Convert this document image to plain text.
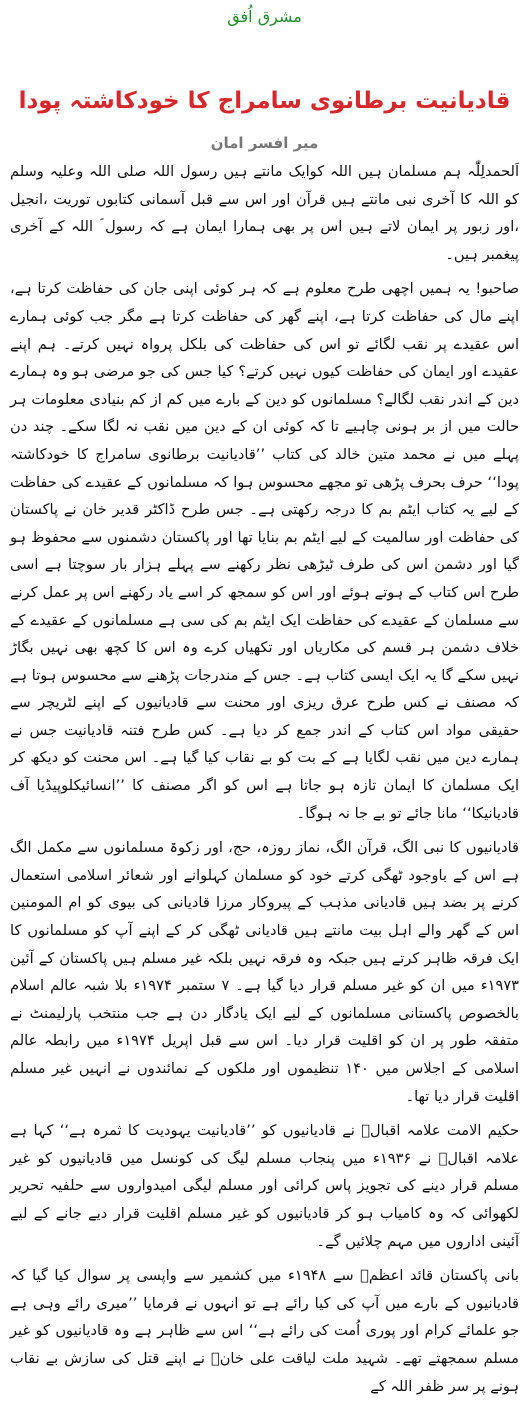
مشرق اُفق
قادیانیت برطانوی سامراج کا خودکاشتہ پودا
میر افسر امان

اَلحمدلِلّٰہ ہم مسلمان ہیں اللہ کوایک مانتے ہیں رسول اللہ صلی اللہ وعلیہ وسلم کو اللہ کا آخری نبی مانتے ہیں قرآن اور اس سے قبل آسمانی کتابوں توریت ،انجیل ،اور زبور پر ایمان لاتے ہیں اس پر بھی ہمارا ایمان ہے کہ رسول ؐ اللہ کے آخری پیغمبر ہیں۔

صاحبو! یہ ہمیں اچھی طرح معلوم ہے کہ ہر کوئی اپنی جان کی حفاظت کرتا ہے، اپنے مال کی حفاظت کرتا ہے، اپنے گھر کی حفاظت کرتا ہے مگر جب کوئی ہمارے اس عقیدے پر نقب لگائے تو اس کی حفاظت کی بلکل پرواہ نہیں کرتے۔ ہم اپنے عقیدے اور ایمان کی حفاظت کیوں نہیں کرتے؟ کیا جس کی جو مرضی ہو وہ ہمارے دین کے اندر نقب لگالے؟ مسلمانوں کو دین کے بارے میں کم از کم بنیادی معلومات ہر حالت میں از بر ہونی چاہیے تا کہ کوئی ان کے دین میں نقب نہ لگا سکے۔ چند دن پہلے میں نے محمد متین خالد کی کتاب ’’قادیانیت برطانوی سامراج کا خودکاشتہ پودا‘‘ حرف بحرف پڑھی تو مجھے محسوس ہوا کہ مسلمانوں کے عقیدے کی حفاظت کے لیے یہ کتاب ایٹم بم کا درجہ رکھتی ہے۔ جس طرح ڈاکٹر قدیر خان نے پاکستان کی حفاظت اور سالمیت کے لیے ایٹم بم بنایا تھا اور پاکستان دشمنوں سے محفوظ ہو گیا اور دشمن اس کی طرف ٹیڑھی نظر رکھنے سے پہلے ہزار بار سوچتا ہے اسی طرح اس کتاب کے ہوتے ہوئے اور اس کو سمجھ کر اسے یاد رکھنے اس پر عمل کرنے سے مسلمان کے عقیدے کی حفاظت ایک ایٹم بم کی سی ہے مسلمانوں کے عقیدے کے خلاف دشمن ہر قسم کی مکاریاں اور تکھیاں کرے وہ اس کا کچھ بھی نہیں بگاڑ نہیں سکے گا یہ ایک ایسی کتاب ہے۔ جس کے مندرجات پڑھنے سے محسوس ہوتا ہے کہ مصنف نے کس طرح عرق ریزی اور محنت سے قادیانیوں کے اپنے لٹریچر سے حقیقی مواد اس کتاب کے اندر جمع کر دیا ہے۔ کس طرح فتنہ قادیانیت جس نے ہمارے دین میں نقب لگایا ہے کے بت کو بے نقاب کیا گیا ہے۔ اس محنت کو دیکھ کر ایک مسلمان کا ایمان تازہ ہو جاتا ہے اس کو اگر مصنف کا ’’انسائیکلوپیڈیا آف قادیانیکا‘‘ مانا جائے تو بے جا نہ ہوگا۔

قادیانیوں کا نبی الگ، قرآن الگ، نماز روزہ، حج، اور زکوۃ مسلمانوں سے مکمل الگ ہے اس کے باوجود ٹھگی کرتے خود کو مسلمان کہلوانے اور شعائر اسلامی استعمال کرنے پر بضد ہیں قادیانی مذہب کے پیروکار مرزا قادیانی کی بیوی کو ام المومنین اس کے گھر والے اہل بیت مانتے ہیں قادیانی ٹھگی کر کے اپنے آپ کو مسلمانوں کا ایک فرقہ ظاہر کرتے ہیں جبکہ وہ فرقہ نہیں بلکہ غیر مسلم ہیں پاکستان کے آئین ۱۹۷۳ء میں ان کو غیر مسلم قرار دیا گیا ہے۔ ۷ ستمبر ۱۹۷۴ء بلا شبہ عالم اسلام بالخصوص پاکستانی مسلمانوں کے لیے ایک یادگار دن ہے جب منتخب پارلیمنٹ نے متفقہ طور پر ان کو اقلیت قرار دیا۔ اس سے قبل اپریل ۱۹۷۴ء میں رابطہ عالم اسلامی کے اجلاس میں ۱۴۰ تنظیموں اور ملکوں کے نمائندوں نے انہیں غیر مسلم اقلیت قرار دیا تھا۔

حکیم الامت علامہ اقبالؒ نے قادیانیوں کو ’’قادیانیت یہودیت کا ثمرہ ہے‘‘ کہا ہے علامہ اقبالؒ نے ۱۹۳۶ء میں پنجاب مسلم لیگ کی کونسل میں قادیانیوں کو غیر مسلم قرار دینے کی تجویز پاس کرائی اور مسلم لیگی امیدواروں سے حلفیہ تحریر لکھوائی کہ وہ کامیاب ہو کر قادیانیوں کو غیر مسلم اقلیت قرار دیے جانے کے لیے آئینی اداروں میں مہم چلائیں گے۔

بانی پاکستان قائد اعظمؒ سے ۱۹۴۸ء میں کشمیر سے واپسی پر سوال کیا گیا کہ قادیانیوں کے بارے میں آپ کی کیا رائے ہے تو انہوں نے فرمایا ’’میری رائے وہی ہے جو علمائے کرام اور پوری اُمت کی رائے ہے‘‘ اس سے ظاہر ہے وہ قادیانیوں کو غیر مسلم سمجھتے تھے۔ شہید ملت لیاقت علی خانؒ نے اپنے قتل کی سازش بے نقاب ہونے پر سر ظفر اللہ کے
